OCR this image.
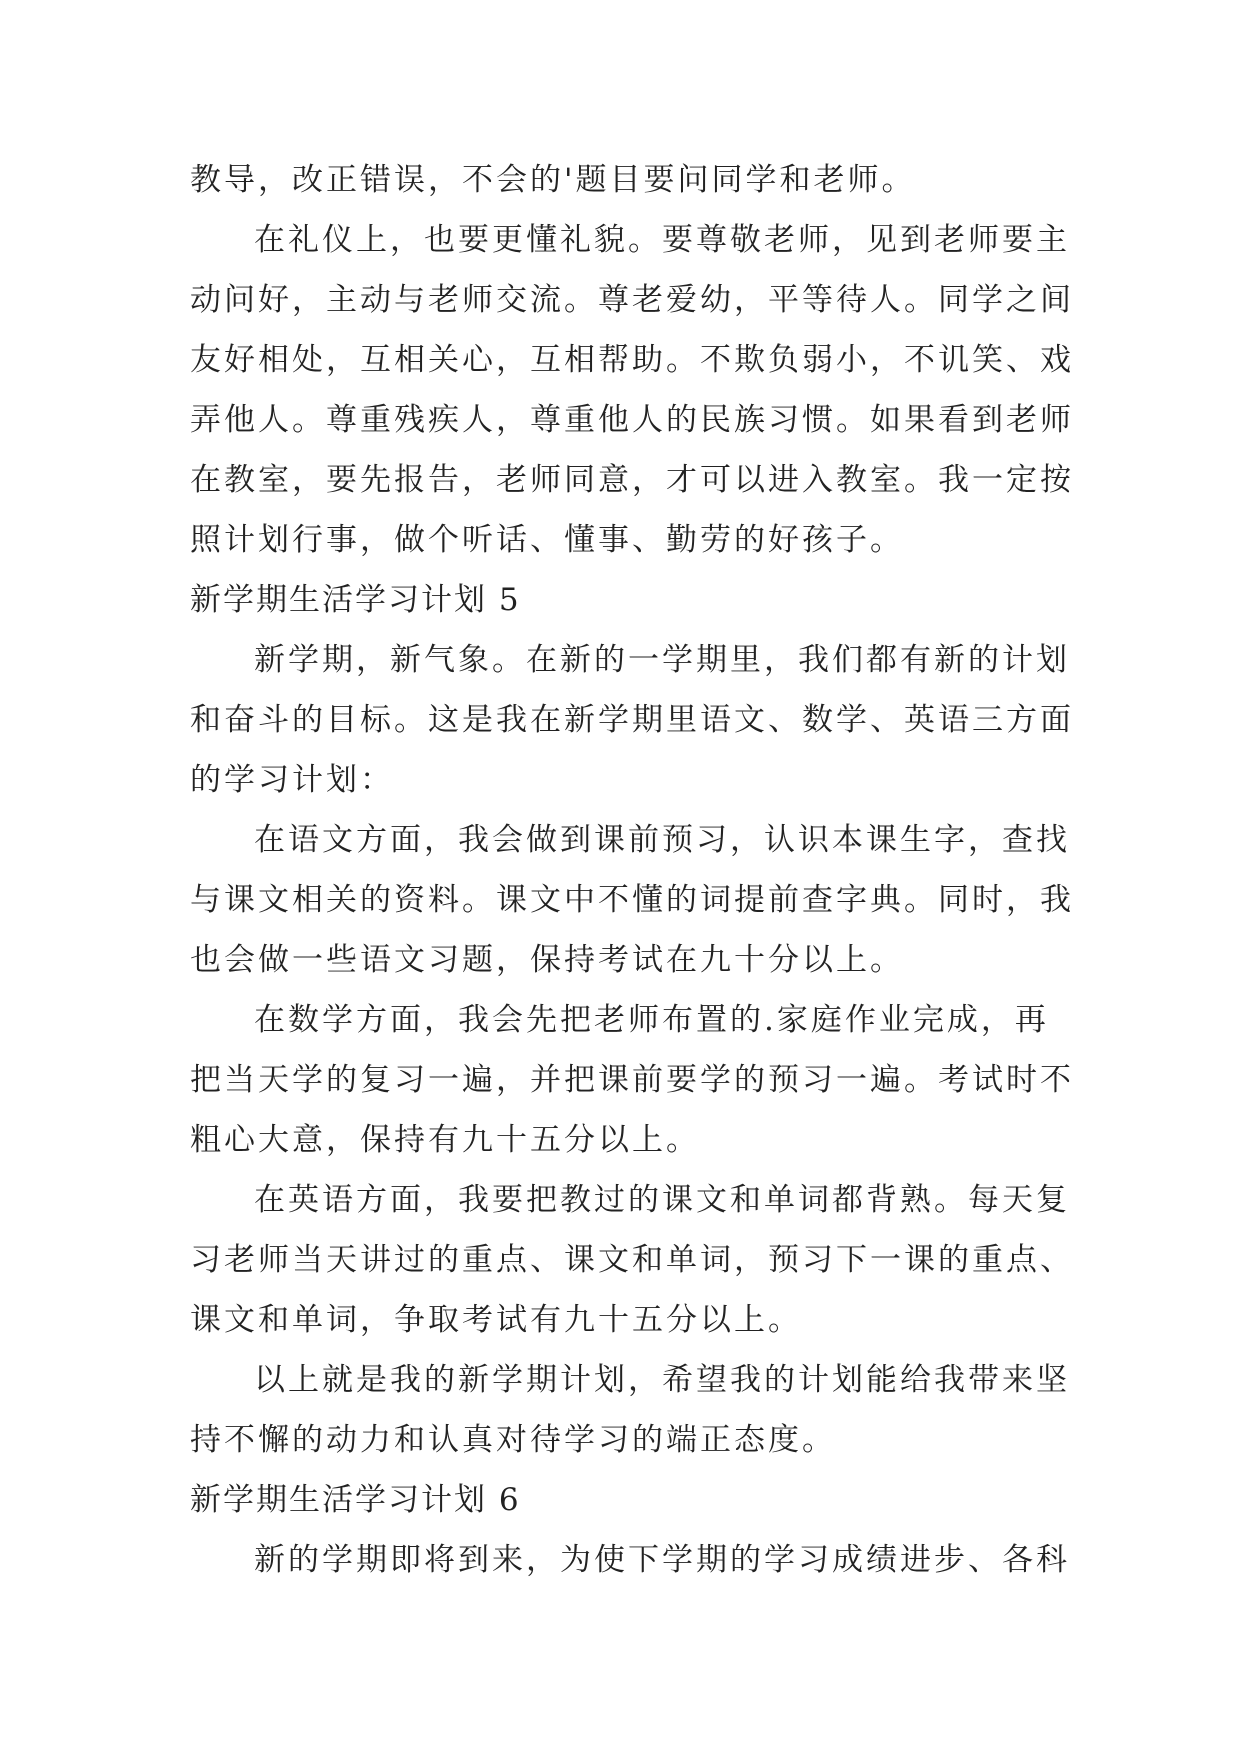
教导，改正错误，不会的'题目要问同学和老师。
在礼仪上，也要更懂礼貌。要尊敬老师，见到老师要主
动问好，主动与老师交流。尊老爱幼，平等待人。同学之间
友好相处，互相关心，互相帮助。不欺负弱小，不讥笑、戏
弄他人。尊重残疾人，尊重他人的民族习惯。如果看到老师
在教室，要先报告，老师同意，才可以进入教室。我一定按
照计划行事，做个听话、懂事、勤劳的好孩子。
新学期生活学习计划 5
新学期，新气象。在新的一学期里，我们都有新的计划
和奋斗的目标。这是我在新学期里语文、数学、英语三方面
的学习计划：
在语文方面，我会做到课前预习，认识本课生字，查找
与课文相关的资料。课文中不懂的词提前查字典。同时，我
也会做一些语文习题，保持考试在九十分以上。
在数学方面，我会先把老师布置的.家庭作业完成，再
把当天学的复习一遍，并把课前要学的预习一遍。考试时不
粗心大意，保持有九十五分以上。
在英语方面，我要把教过的课文和单词都背熟。每天复
习老师当天讲过的重点、课文和单词，预习下一课的重点、
课文和单词，争取考试有九十五分以上。
以上就是我的新学期计划，希望我的计划能给我带来坚
持不懈的动力和认真对待学习的端正态度。
新学期生活学习计划 6
新的学期即将到来，为使下学期的学习成绩进步、各科
